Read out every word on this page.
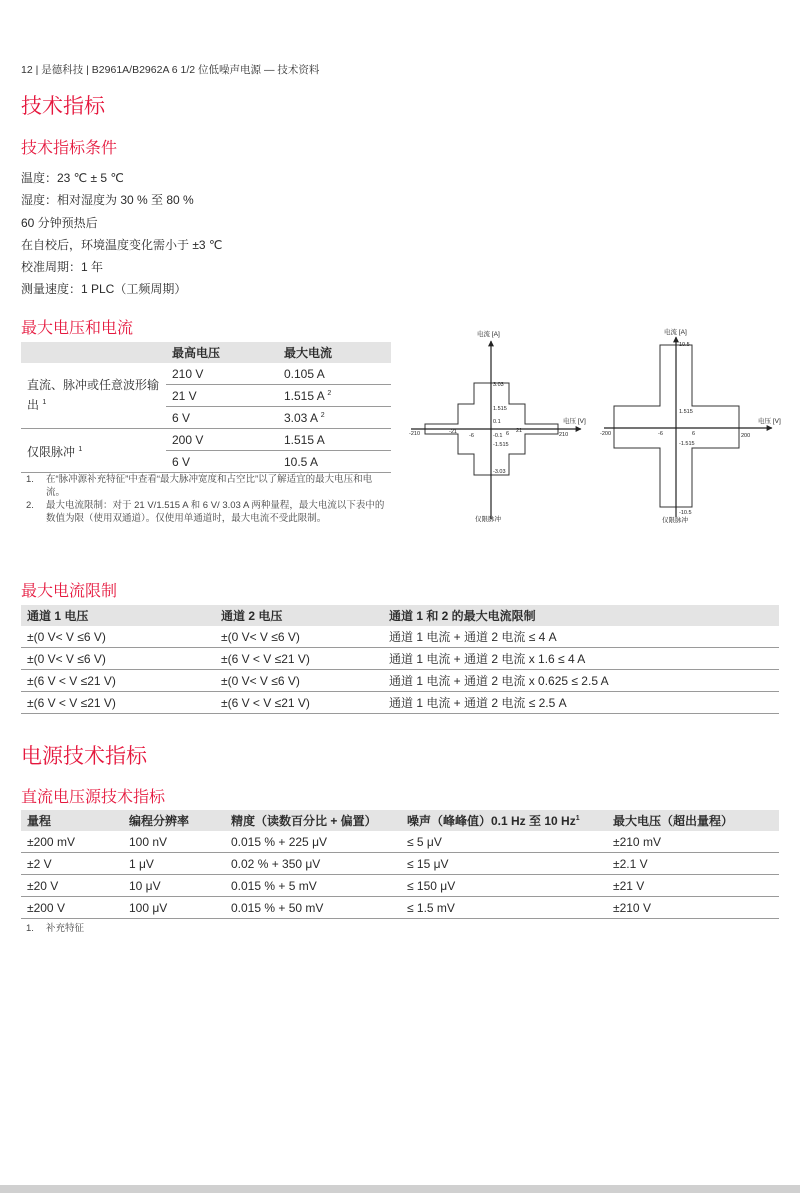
12 | 是德科技 | B2961A/B2962A 6 1/2 位低噪声电源 — 技术资料
技术指标
技术指标条件
温度：23 ℃ ± 5 ℃
湿度：相对湿度为 30 % 至 80 %
60 分钟预热后
在自校后，环境温度变化需小于 ±3 ℃
校准周期：1 年
测量速度：1 PLC（工频周期）
最大电压和电流
	最高电压	最大电流
直流、脉冲或任意波形输出 $^1$	210 V	0.105 A
	21 V	1.515 A $^2$
	6 V	3.03 A $^2$
仅限脉冲 $^1$	200 V	1.515 A
	6 V	10.5 A
1. 在“脉冲源补充特征”中查看“最大脉冲宽度和占空比”以了解适宜的最大电压和电流。
2. 最大电流限制：对于 21 V/1.515 A 和 6 V/ 3.03 A 两种量程，最大电流以下表中的数值为限（使用双通道）。仅使用单通道时，最大电流不受此限制。
电流 [A]
电压 [V]
仅限脉冲
3.03
1.515
0.1
-0.1
-1.515
-3.03
-210	-21
-6	6 21
210
电流 [A]
电压 [V]
仅限脉冲
10.5
1.515
-1.515
-10.5
-200	-6	6	200
最大电流限制
通道 1 电压	通道 2 电压	通道 1 和 2 的最大电流限制
±(0 V< V ≤6 V)	±(0 V< V ≤6 V)	通道 1 电流 + 通道 2 电流 ≤ 4 A
±(0 V< V ≤6 V)	±(6 V < V ≤21 V)	通道 1 电流 + 通道 2 电流 x 1.6 ≤ 4 A
±(6 V < V ≤21 V)	±(0 V< V ≤6 V)	通道 1 电流 + 通道 2 电流 x 0.625 ≤ 2.5 A
±(6 V < V ≤21 V)	±(6 V < V ≤21 V)	通道 1 电流 + 通道 2 电流 ≤ 2.5 A
电源技术指标
直流电压源技术指标
量程	编程分辨率	精度（读数百分比 + 偏置）	噪声（峰峰值）0.1 Hz 至 10 Hz$^1$	最大电压（超出量程）
±200 mV	100 nV	0.015 % + 225 μV	≤ 5 μV	±210 mV
±2 V	1 μV	0.02 % + 350 μV	≤ 15 μV	±2.1 V
±20 V	10 μV	0.015 % + 5 mV	≤ 150 μV	±21 V
±200 V	100 μV	0.015 % + 50 mV	≤ 1.5 mV	±210 V
1. 补充特征
